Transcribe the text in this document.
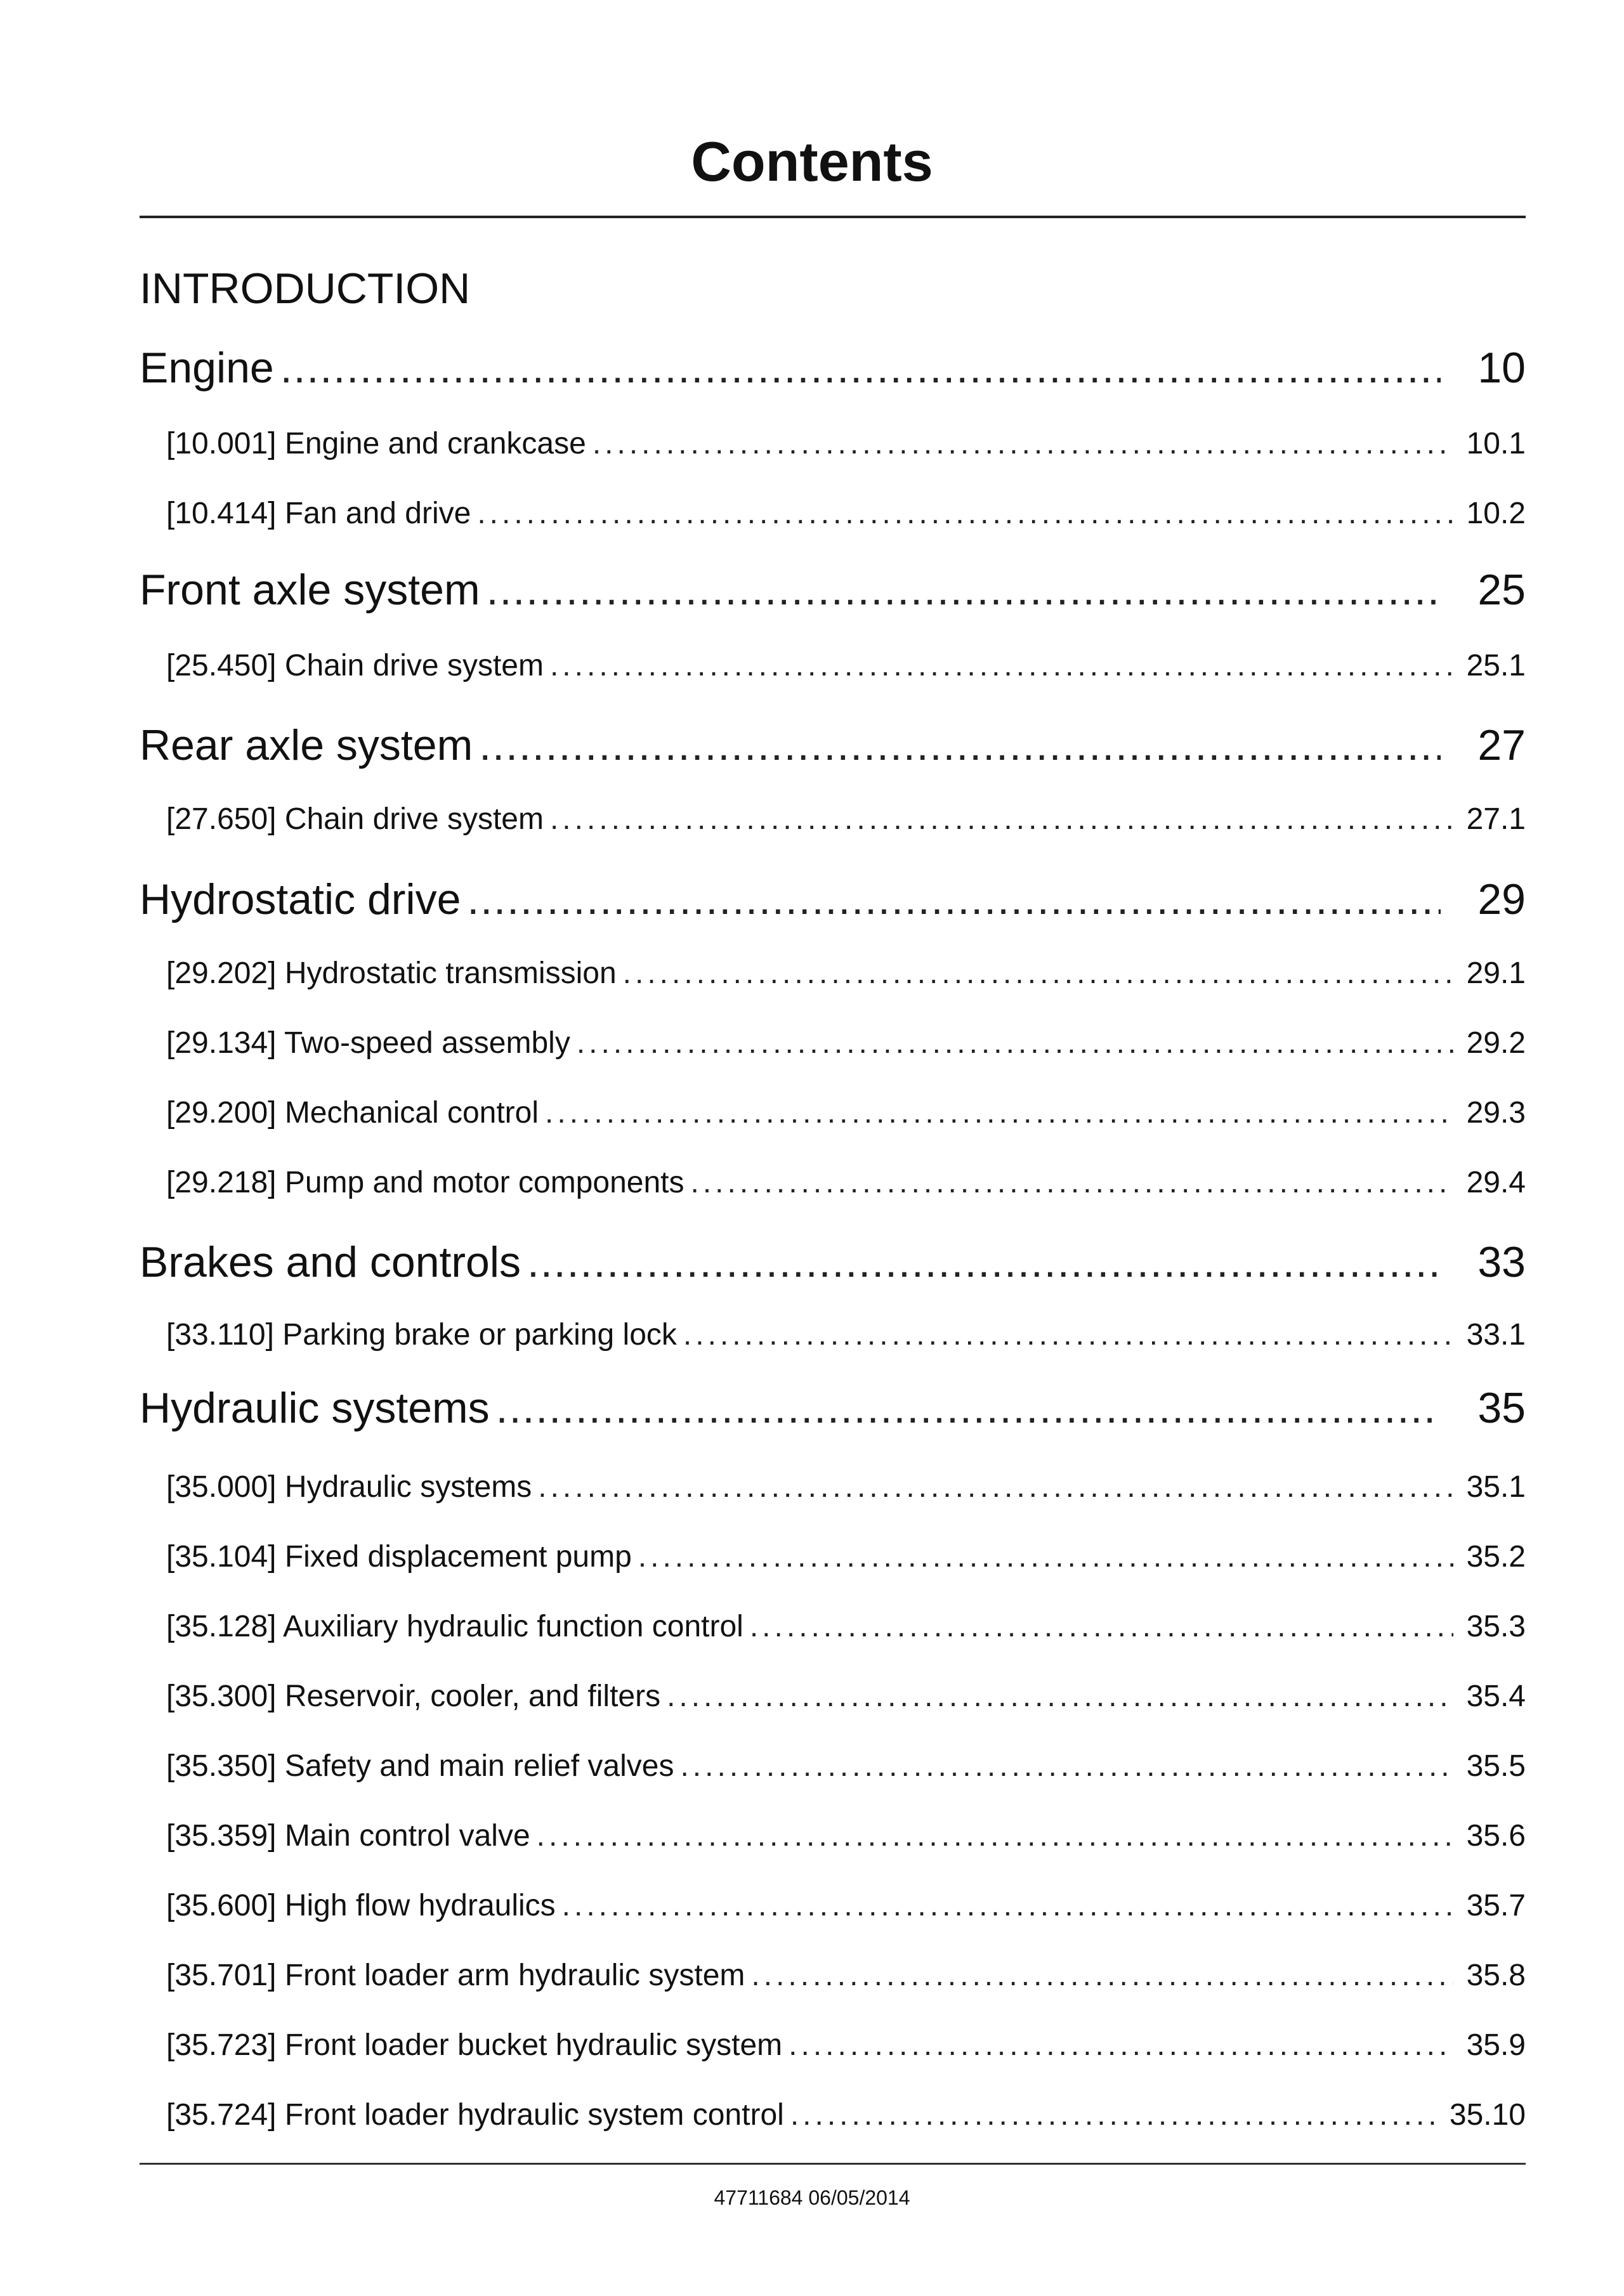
Contents
INTRODUCTION
Engine .....	10
[10.001] Engine and crankcase .....	10.1
[10.414] Fan and drive .....	10.2
Front axle system .....	25
[25.450] Chain drive system .....	25.1
Rear axle system .....	27
[27.650] Chain drive system .....	27.1
Hydrostatic drive .....	29
[29.202] Hydrostatic transmission .....	29.1
[29.134] Two-speed assembly .....	29.2
[29.200] Mechanical control .....	29.3
[29.218] Pump and motor components .....	29.4
Brakes and controls .....	33
[33.110] Parking brake or parking lock .....	33.1
Hydraulic systems .....	35
[35.000] Hydraulic systems .....	35.1
[35.104] Fixed displacement pump .....	35.2
[35.128] Auxiliary hydraulic function control .....	35.3
[35.300] Reservoir, cooler, and filters .....	35.4
[35.350] Safety and main relief valves .....	35.5
[35.359] Main control valve .....	35.6
[35.600] High flow hydraulics .....	35.7
[35.701] Front loader arm hydraulic system .....	35.8
[35.723] Front loader bucket hydraulic system .....	35.9
[35.724] Front loader hydraulic system control .....	35.10
47711684 06/05/2014
